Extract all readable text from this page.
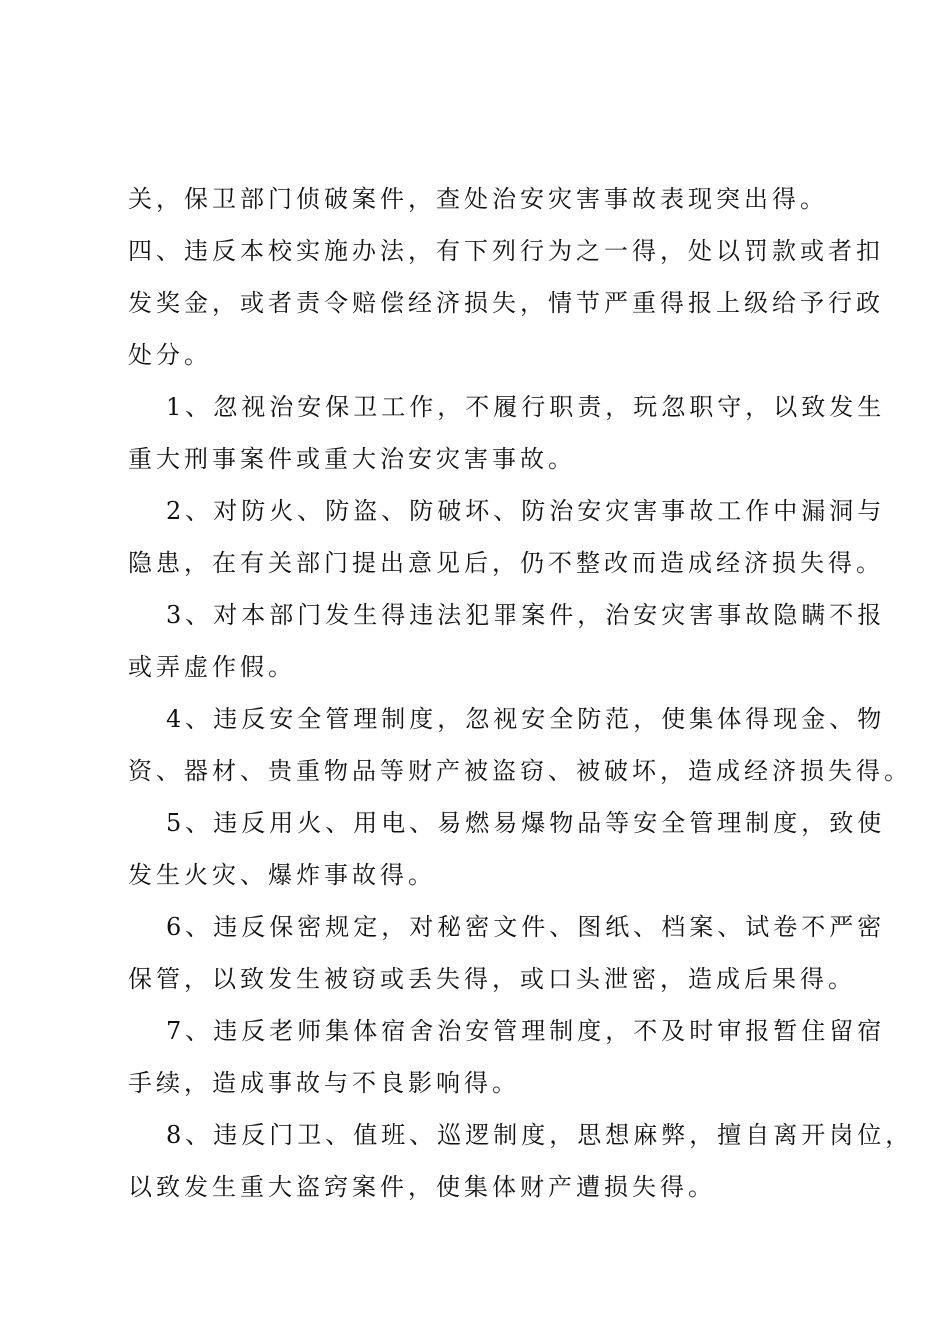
关，保卫部门侦破案件，查处治安灾害事故表现突出得。
四、违反本校实施办法，有下列行为之一得，处以罚款或者扣
发奖金，或者责令赔偿经济损失，情节严重得报上级给予行政
处分。
1、忽视治安保卫工作，不履行职责，玩忽职守，以致发生
重大刑事案件或重大治安灾害事故。
2、对防火、防盗、防破坏、防治安灾害事故工作中漏洞与
隐患，在有关部门提出意见后，仍不整改而造成经济损失得。
3、对本部门发生得违法犯罪案件，治安灾害事故隐瞒不报
或弄虚作假。
4、违反安全管理制度，忽视安全防范，使集体得现金、物
资、器材、贵重物品等财产被盗窃、被破坏，造成经济损失得。
5、违反用火、用电、易燃易爆物品等安全管理制度，致使
发生火灾、爆炸事故得。
6、违反保密规定，对秘密文件、图纸、档案、试卷不严密
保管，以致发生被窃或丢失得，或口头泄密，造成后果得。
7、违反老师集体宿舍治安管理制度，不及时审报暂住留宿
手续，造成事故与不良影响得。
8、违反门卫、值班、巡逻制度，思想麻弊，擅自离开岗位，
以致发生重大盗窍案件，使集体财产遭损失得。
